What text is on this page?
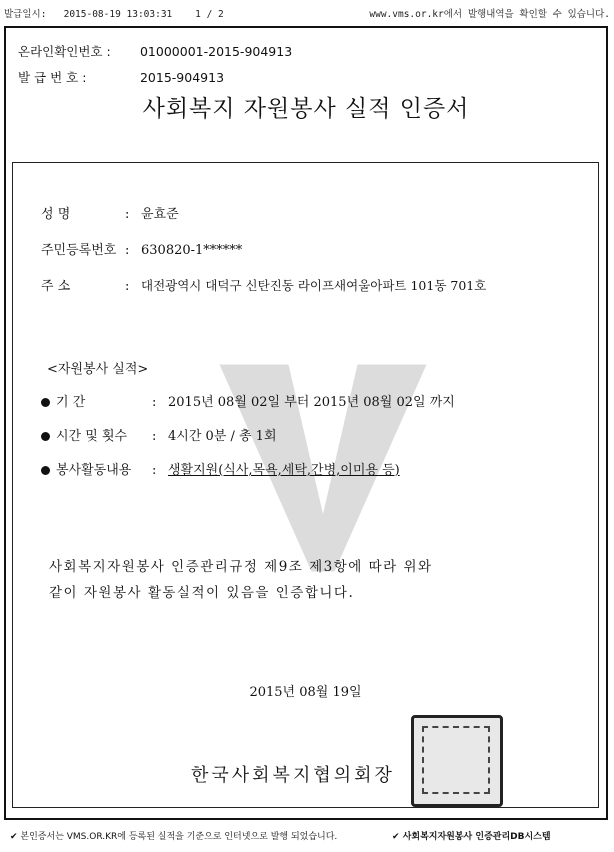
발급일시: 2015-08-19 13:03:31 1 / 2	www.vms.or.kr에서 발행내역을 확인할 수 있습니다.
온라인확인번호 : 01000001-2015-904913
발 급 번 호 :	2015-904913
사회복지 자원봉사 실적 인증서
성 명	: 윤효준
주민등록번호 : 630820-1******
주 소	: 대전광역시 대덕구 신탄진동 라이프새여울아파트 101동 701호
<자원봉사 실적>
기 간	: 2015년 08월 02일 부터 2015년 08월 02일 까지
시간 및 횟수 : 4시간 0분 / 총 1회
봉사활동내용 : 생활지원(식사,목욕,세탁,간병,이미용 등)
사회복지자원봉사 인증관리규정 제9조 제3항에 따라 위와
같이 자원봉사 활동실적이 있음을 인증합니다.
2015년 08월 19일
한국사회복지협의회장
✔ 본인증서는 VMS.OR.KR에 등록된 실적을 기준으로 인터넷으로 발행 되었습니다.	✔ 사회복지자원봉사 인증관리DB시스템
